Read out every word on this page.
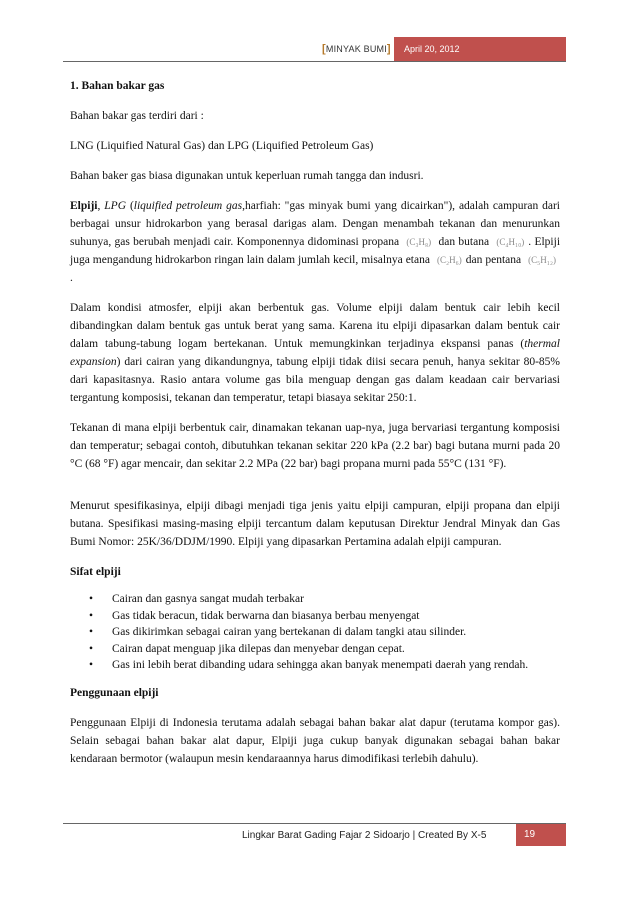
[MINYAK BUMI]	April 20, 2012

1. Bahan bakar gas

Bahan bakar gas terdiri dari :

LNG (Liquified Natural Gas) dan LPG (Liquified Petroleum Gas)

Bahan baker gas biasa digunakan untuk keperluan rumah tangga dan indusri.

Elpiji, LPG (liquified petroleum gas,harfiah: "gas minyak bumi yang dicairkan"), adalah campuran dari berbagai unsur hidrokarbon yang berasal darigas alam. Dengan menambah tekanan dan menurunkan suhunya, gas berubah menjadi cair. Komponennya didominasi propana (C₃H₈) dan butana (C₄H₁₀) . Elpiji juga mengandung hidrokarbon ringan lain dalam jumlah kecil, misalnya etana (C₂H₆) dan pentana (C₅H₁₂).

Dalam kondisi atmosfer, elpiji akan berbentuk gas. Volume elpiji dalam bentuk cair lebih kecil dibandingkan dalam bentuk gas untuk berat yang sama. Karena itu elpiji dipasarkan dalam bentuk cair dalam tabung-tabung logam bertekanan. Untuk memungkinkan terjadinya ekspansi panas (thermal expansion) dari cairan yang dikandungnya, tabung elpiji tidak diisi secara penuh, hanya sekitar 80-85% dari kapasitasnya. Rasio antara volume gas bila menguap dengan gas dalam keadaan cair bervariasi tergantung komposisi, tekanan dan temperatur, tetapi biasaya sekitar 250:1.

Tekanan di mana elpiji berbentuk cair, dinamakan tekanan uap-nya, juga bervariasi tergantung komposisi dan temperatur; sebagai contoh, dibutuhkan tekanan sekitar 220 kPa (2.2 bar) bagi butana murni pada 20 °C (68 °F) agar mencair, dan sekitar 2.2 MPa (22 bar) bagi propana murni pada 55°C (131 °F).

Menurut spesifikasinya, elpiji dibagi menjadi tiga jenis yaitu elpiji campuran, elpiji propana dan elpiji butana. Spesifikasi masing-masing elpiji tercantum dalam keputusan Direktur Jendral Minyak dan Gas Bumi Nomor: 25K/36/DDJM/1990. Elpiji yang dipasarkan Pertamina adalah elpiji campuran.

Sifat elpiji

• Cairan dan gasnya sangat mudah terbakar
• Gas tidak beracun, tidak berwarna dan biasanya berbau menyengat
• Gas dikirimkan sebagai cairan yang bertekanan di dalam tangki atau silinder.
• Cairan dapat menguap jika dilepas dan menyebar dengan cepat.
• Gas ini lebih berat dibanding udara sehingga akan banyak menempati daerah yang rendah.

Penggunaan elpiji

Penggunaan Elpiji di Indonesia terutama adalah sebagai bahan bakar alat dapur (terutama kompor gas). Selain sebagai bahan bakar alat dapur, Elpiji juga cukup banyak digunakan sebagai bahan bakar kendaraan bermotor (walaupun mesin kendaraannya harus dimodifikasi terlebih dahulu).

Lingkar Barat Gading Fajar 2 Sidoarjo | Created By X-5	19
